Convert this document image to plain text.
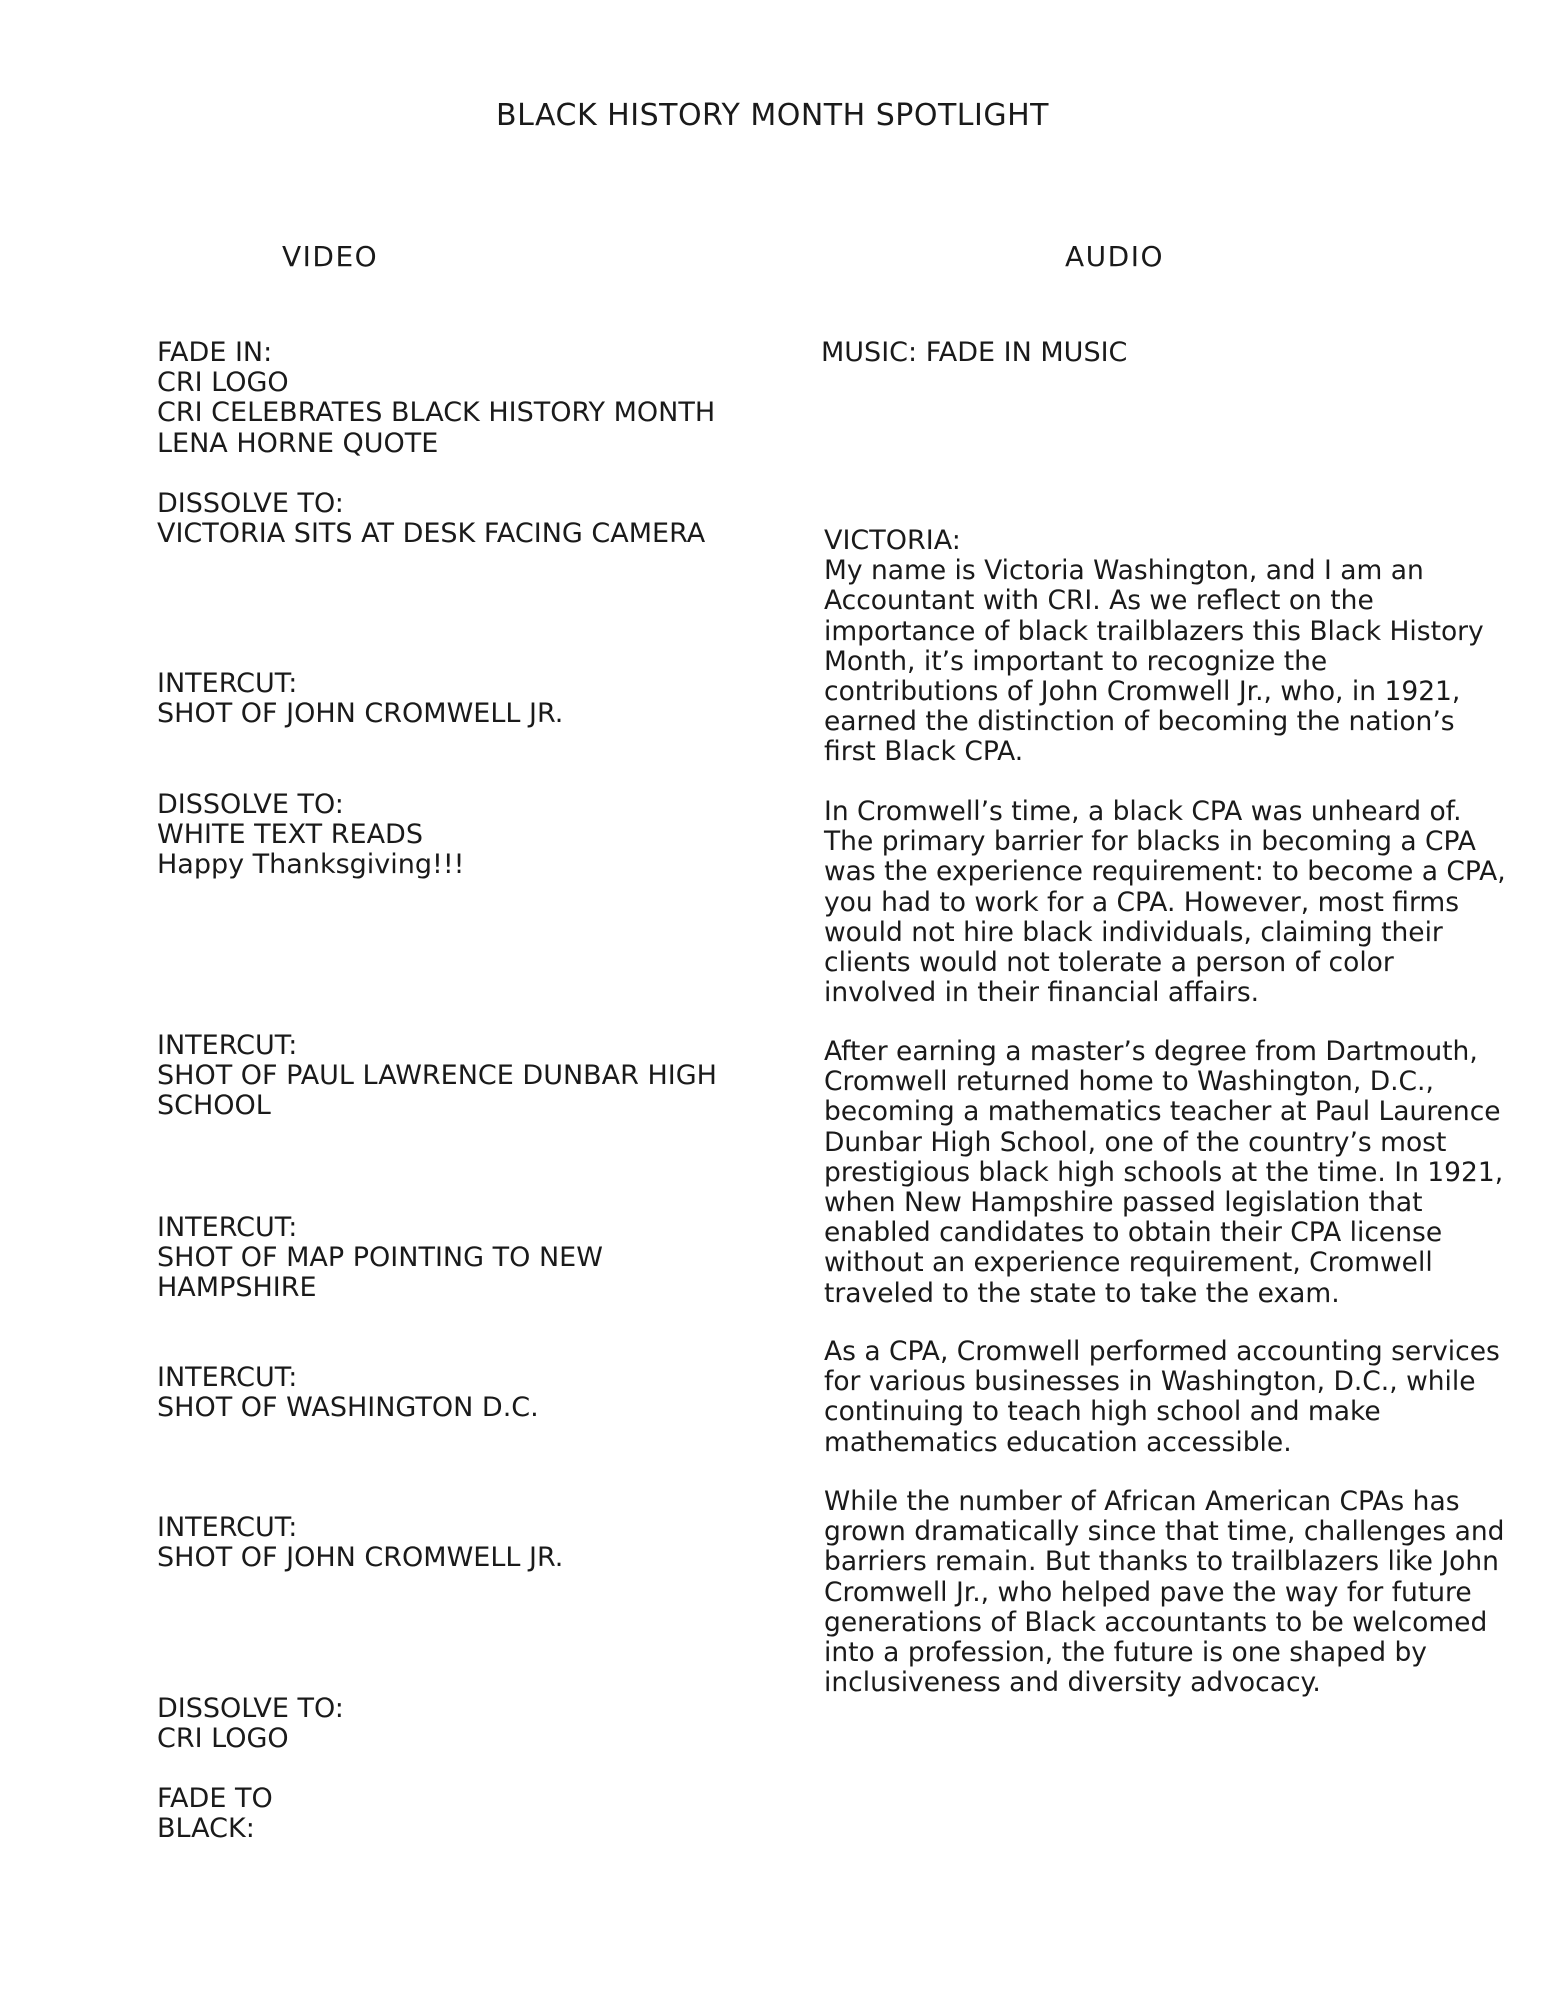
BLACK HISTORY MONTH SPOTLIGHT
VIDEO	AUDIO
FADE IN:
CRI LOGO
CRI CELEBRATES BLACK HISTORY MONTH
LENA HORNE QUOTE
DISSOLVE TO:
VICTORIA SITS AT DESK FACING CAMERA
INTERCUT:
SHOT OF JOHN CROMWELL JR.
DISSOLVE TO:
WHITE TEXT READS
Happy Thanksgiving!!!
INTERCUT:
SHOT OF PAUL LAWRENCE DUNBAR HIGH
SCHOOL
INTERCUT:
SHOT OF MAP POINTING TO NEW
HAMPSHIRE
INTERCUT:
SHOT OF WASHINGTON D.C.
INTERCUT:
SHOT OF JOHN CROMWELL JR.
DISSOLVE TO:
CRI LOGO
FADE TO
BLACK:
MUSIC: FADE IN MUSIC
VICTORIA:

My name is Victoria Washington, and I am an
Accountant with CRI. As we reflect on the
importance of black trailblazers this Black History
Month, it’s important to recognize the
contributions of John Cromwell Jr., who, in 1921,
earned the distinction of becoming the nation’s
first Black CPA.

In Cromwell’s time, a black CPA was unheard of.
The primary barrier for blacks in becoming a CPA
was the experience requirement: to become a CPA,
you had to work for a CPA. However, most firms
would not hire black individuals, claiming their
clients would not tolerate a person of color
involved in their financial affairs.

After earning a master’s degree from Dartmouth,
Cromwell returned home to Washington, D.C.,
becoming a mathematics teacher at Paul Laurence
Dunbar High School, one of the country’s most
prestigious black high schools at the time. In 1921,
when New Hampshire passed legislation that
enabled candidates to obtain their CPA license
without an experience requirement, Cromwell
traveled to the state to take the exam.

As a CPA, Cromwell performed accounting services
for various businesses in Washington, D.C., while
continuing to teach high school and make
mathematics education accessible.

While the number of African American CPAs has
grown dramatically since that time, challenges and
barriers remain. But thanks to trailblazers like John
Cromwell Jr., who helped pave the way for future
generations of Black accountants to be welcomed
into a profession, the future is one shaped by
inclusiveness and diversity advocacy.
